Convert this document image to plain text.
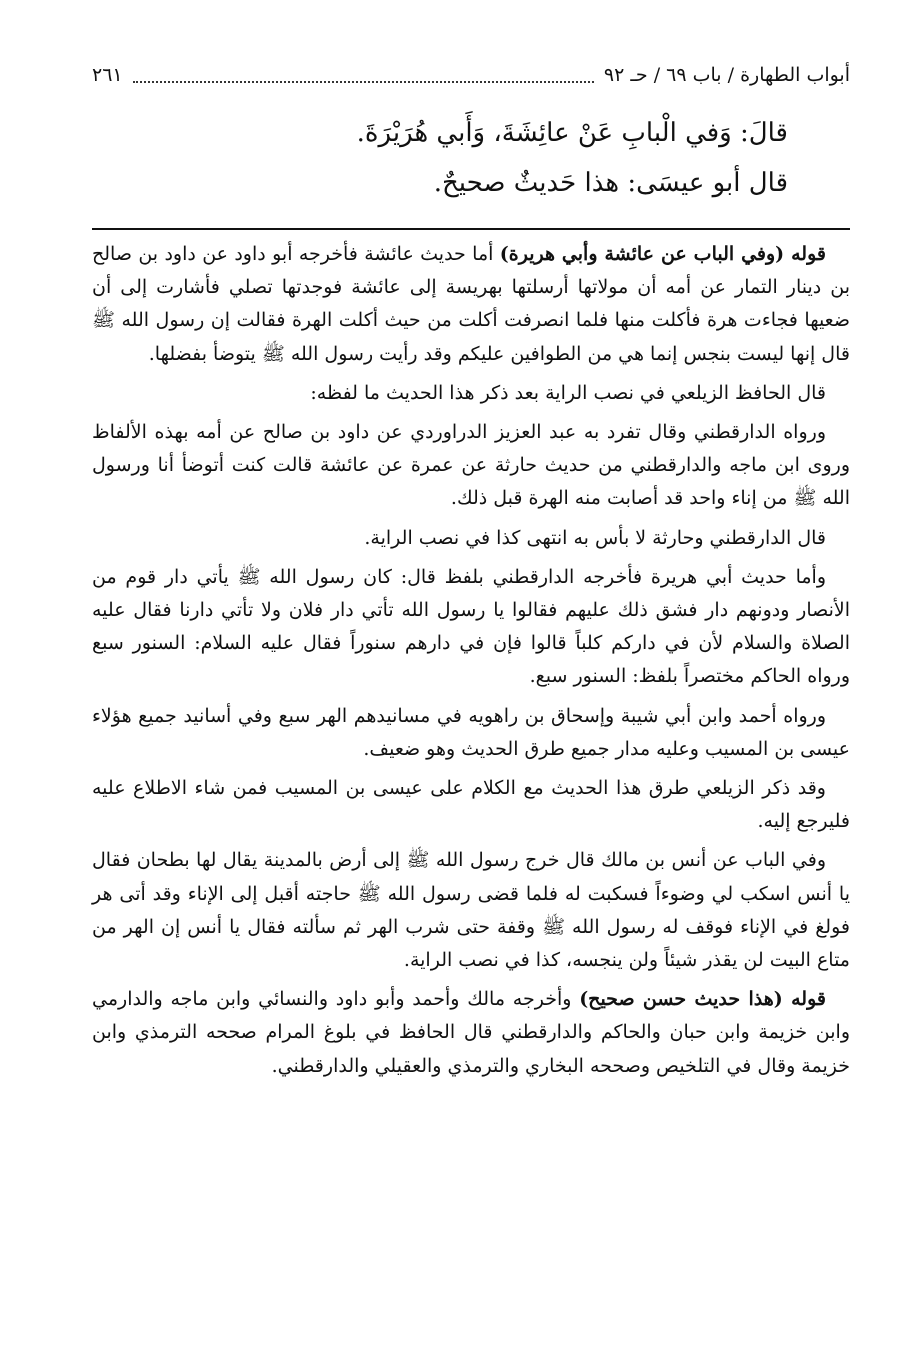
أبواب الطهارة / باب ٦٩ / حـ ٩٢
٢٦١
قالَ: وَفي الْبابِ عَنْ عائِشَةَ، وَأَبي هُرَيْرَةَ.
قال أبو عيسَى: هذا حَديثٌ صحيحٌ.

قوله (وفي الباب عن عائشة وأبي هريرة) أما حديث عائشة فأخرجه أبو داود عن داود بن صالح بن دينار التمار عن أمه أن مولاتها أرسلتها بهريسة إلى عائشة فوجدتها تصلي فأشارت إلى أن ضعيها فجاءت هرة فأكلت منها فلما انصرفت أكلت من حيث أكلت الهرة فقالت إن رسول الله ﷺ قال إنها ليست بنجس إنما هي من الطوافين عليكم وقد رأيت رسول الله ﷺ يتوضأ بفضلها.

قال الحافظ الزيلعي في نصب الراية بعد ذكر هذا الحديث ما لفظه:

ورواه الدارقطني وقال تفرد به عبد العزيز الدراوردي عن داود بن صالح عن أمه بهذه الألفاظ وروى ابن ماجه والدارقطني من حديث حارثة عن عمرة عن عائشة قالت كنت أتوضأ أنا ورسول الله ﷺ من إناء واحد قد أصابت منه الهرة قبل ذلك.

قال الدارقطني وحارثة لا بأس به انتهى كذا في نصب الراية.

وأما حديث أبي هريرة فأخرجه الدارقطني بلفظ قال: كان رسول الله ﷺ يأتي دار قوم من الأنصار ودونهم دار فشق ذلك عليهم فقالوا يا رسول الله تأتي دار فلان ولا تأتي دارنا فقال عليه الصلاة والسلام لأن في داركم كلباً قالوا فإن في دارهم سنوراً فقال عليه السلام: السنور سبع ورواه الحاكم مختصراً بلفظ: السنور سبع.

ورواه أحمد وابن أبي شيبة وإسحاق بن راهويه في مسانيدهم الهر سبع وفي أسانيد جميع هؤلاء عيسى بن المسيب وعليه مدار جميع طرق الحديث وهو ضعيف.

وقد ذكر الزيلعي طرق هذا الحديث مع الكلام على عيسى بن المسيب فمن شاء الاطلاع عليه فليرجع إليه.

وفي الباب عن أنس بن مالك قال خرج رسول الله ﷺ إلى أرض بالمدينة يقال لها بطحان فقال يا أنس اسكب لي وضوءاً فسكبت له فلما قضى رسول الله ﷺ حاجته أقبل إلى الإناء وقد أتى هر فولغ في الإناء فوقف له رسول الله ﷺ وقفة حتى شرب الهر ثم سألته فقال يا أنس إن الهر من متاع البيت لن يقذر شيئاً ولن ينجسه، كذا في نصب الراية.

قوله (هذا حديث حسن صحيح) وأخرجه مالك وأحمد وأبو داود والنسائي وابن ماجه والدارمي وابن خزيمة وابن حبان والحاكم والدارقطني قال الحافظ في بلوغ المرام صححه الترمذي وابن خزيمة وقال في التلخيص وصححه البخاري والترمذي والعقيلي والدارقطني.
